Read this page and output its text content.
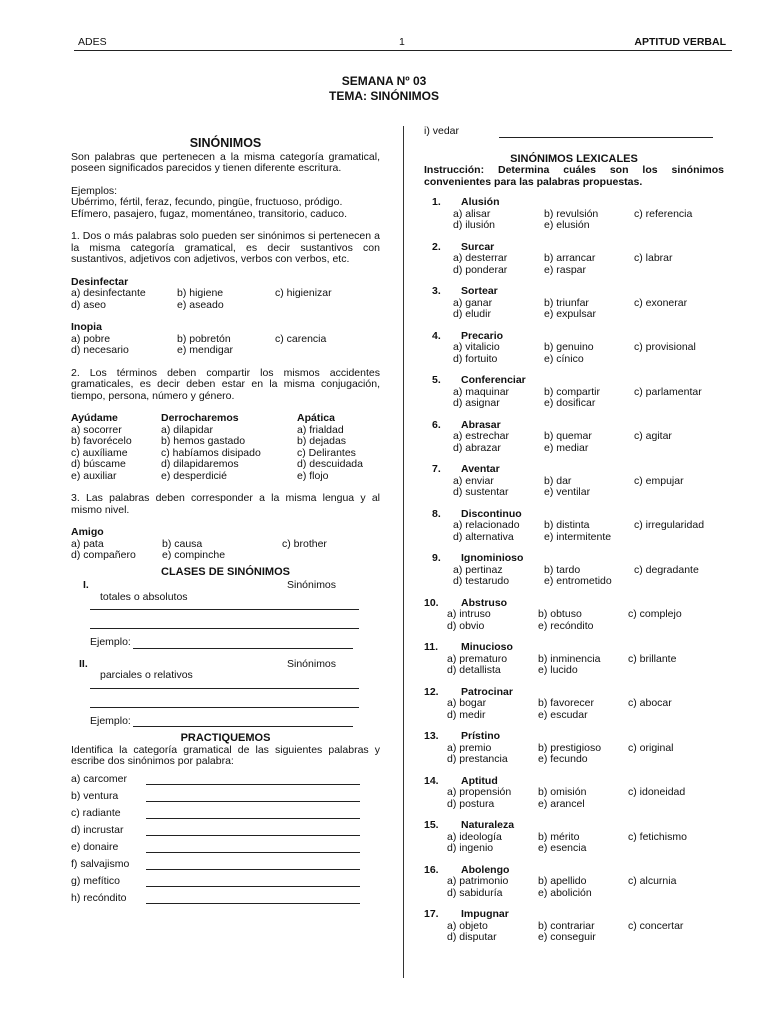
ADES	1	APTITUD VERBAL
SEMANA Nº 03
TEMA: SINÓNIMOS
SINÓNIMOS

Son palabras que pertenecen a la misma categoría gramatical, poseen significados parecidos y tienen diferente escritura.

Ejemplos:
Ubérrimo, fértil, feraz, fecundo, pingüe, fructuoso, pródigo.
Efímero, pasajero, fugaz, momentáneo, transitorio, caduco.

1. Dos o más palabras solo pueden ser sinónimos si pertenecen a la misma categoría gramatical, es decir sustantivos con sustantivos, adjetivos con adjetivos, verbos con verbos, etc.

Desinfectar
a) desinfectante	b) higiene	c) higienizar
d) aseo	e) aseado
Inopia
a) pobre	b) pobretón	c) carencia
d) necesario	e) mendigar

2. Los términos deben compartir los mismos accidentes gramaticales, es decir deben estar en la misma conjugación, tiempo, persona, número y género.

Ayúdame	Derrocharemos	Apática
a) socorrer	a) dilapidar	a) frialdad
b) favorécelo	b) hemos gastado	b) dejadas
c) auxíliame	c) habíamos disipado	c) Delirantes
d) búscame	d) dilapidaremos	d) descuidada
e) auxiliar	e) desperdicié	e) flojo

3. Las palabras deben corresponder a la misma lengua y al mismo nivel.

Amigo
a) pata	b) causa	c) brother
d) compañero	e) compinche
CLASES DE SINÓNIMOS
I.	Sinónimos
totales o absolutos
Ejemplo:
II.	Sinónimos
parciales o relativos
Ejemplo:
PRACTIQUEMOS

Identifica la categoría gramatical de las siguientes palabras y escribe dos sinónimos por palabra:

a) carcomer
b) ventura
c) radiante
d) incrustar
e) donaire
f) salvajismo
g) mefítico
h) recóndito
i) vedar
SINÓNIMOS LEXICALES

Instrucción: Determina cuáles son los sinónimos convenientes para las palabras propuestas.

1.	Alusión
a) alisar	b) revulsión	c) referencia
d) ilusión	e) elusión
2.	Surcar
a) desterrar	b) arrancar	c) labrar
d) ponderar	e) raspar
3.	Sortear
a) ganar	b) triunfar	c) exonerar
d) eludir	e) expulsar
4.	Precario
a) vitalicio	b) genuino	c) provisional
d) fortuito	e) cínico
5.	Conferenciar
a) maquinar	b) compartir	c) parlamentar
d) asignar	e) dosificar
6.	Abrasar
a) estrechar	b) quemar	c) agitar
d) abrazar	e) mediar
7.	Aventar
a) enviar	b) dar	c) empujar
d) sustentar	e) ventilar
8.	Discontinuo
a) relacionado	b) distinta	c) irregularidad
d) alternativa	e) intermitente
9.	Ignominioso
a) pertinaz	b) tardo	c) degradante
d) testarudo	e) entrometido
10.	Abstruso
a) intruso	b) obtuso	c) complejo
d) obvio	e) recóndito
11.	Minucioso
a) prematuro	b) inminencia	c) brillante
d) detallista	e) lucido
12.	Patrocinar
a) bogar	b) favorecer	c) abocar
d) medir	e) escudar
13.	Prístino
a) premio	b) prestigioso	c) original
d) prestancia	e) fecundo
14.	Aptitud
a) propensión	b) omisión	c) idoneidad
d) postura	e) arancel
15.	Naturaleza
a) ideología	b) mérito	c) fetichismo
d) ingenio	e) esencia
16.	Abolengo
a) patrimonio	b) apellido	c) alcurnia
d) sabiduría	e) abolición
17.	Impugnar
a) objeto	b) contrariar	c) concertar
d) disputar	e) conseguir
